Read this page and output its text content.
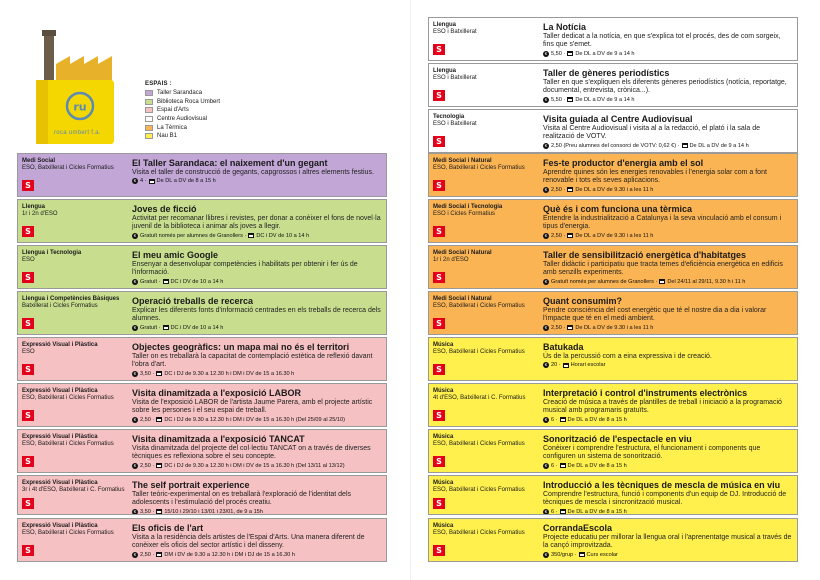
ru
roca umbert f.a.
ESPAIS :
Taller Sarandaca
Biblioteca Roca Umbert
Espai d'Arts
Centre Audiovisual
La Tèrmica
Nau B1
Medi Social
ESO, Batxillerat i Cicles Formatius
S
El Taller Sarandaca: el naixement d'un gegant
Visita el taller de construcció de gegants, capgrossos i altres elements festius.
€ 4 · De DL a DV de 8 a 15 h
Llengua
1r i 2n d'ESO
S
Joves de ficció
Activitat per recomanar llibres i revistes, per donar a conèixer el fons de novel·la juvenil de la biblioteca i animar als joves a llegir.
€ Gratuït només per alumnes de Granollers · DC i DV de 10 a 14 h
Llengua i Tecnologia
ESO
S
El meu amic Google
Ensenyar a desenvolupar competències i habilitats per obtenir i fer ús de l'informació.
€ Gratuït · DC i DV de 10 a 14 h
Llengua i Competències Bàsiques
Batxillerat i Cicles Formatius
S
Operació treballs de recerca
Explicar les diferents fonts d'informació centrades en els treballs de recerca dels alumnes.
€ Gratuït · DC i DV de 10 a 14 h
Expressió Visual i Plàstica
ESO
S
Objectes geogràfics: un mapa mai no és el territori
Taller on es treballarà la capacitat de contemplació estètica de reflexió davant l'obra d'art.
€ 3,50 · DC i DJ de 9.30 a 12.30 h i DM i DV de 15 a 16.30 h
Expressió Visual i Plàstica
ESO, Batxillerat i Cicles Formatius
S
Visita dinamitzada a l'exposició LABOR
Visita de l'exposició LABOR de l'artista Jaume Parera, amb el projecte artístic sobre les persones i el seu espai de treball.
€ 2,50 · DC i DJ de 9.30 a 12.30 h i DM i DV de 15 a 16.30 h (Del 25/09 al 25/10)
Expressió Visual i Plàstica
ESO, Batxillerat i Cicles Formatius
S
Visita dinamitzada a l'exposició TANCAT
Visita dinamitzada del projecte del col·lectiu TANCAT on a través de diverses tècniques es reflexiona sobre el seu concepte.
€ 2,50 · DC i DJ de 9.30 a 12.30 h i DM i DV de 15 a 16.30 h (Del 13/11 al 13/12)
Expressió Visual i Plàstica
3r i 4t d'ESO, Batxillerat i C. Formatius
S
The self portrait experience
Taller teòric-experimental on es treballarà l'exploració de l'identitat dels adolescents i l'estimulació del procés creatiu.
€ 3,50 · 15/10 i 29/10 i 13/01 i 23/01, de 9 a 15h
Expressió Visual i Plàstica
ESO, Batxillerat i Cicles Formatius
S
Els oficis de l'art
Visita a la residència dels artistes de l'Espai d'Arts. Una manera diferent de conèixer els oficis del sector artístic i del disseny.
€ 2,50 · DM i DV de 9.30 a 12.30 h i DM i DJ de 15 a 16.30 h
Llengua
ESO i Batxillerat
S
La Notícia
Taller dedicat a la notícia, en que s'explica tot el procés, des de com sorgeix, fins que s'emet.
€ 5,50 · De DL a DV de 9 a 14 h
Llengua
ESO i Batxillerat
S
Taller de gèneres periodístics
Taller en que s'expliquen els diferents gèneres periodístics (notícia, reportatge, documental, entrevista, crònica...).
€ 5,50 · De DL a DV de 9 a 14 h
Tecnologia
ESO i Batxillerat
S
Visita guiada al Centre Audiovisual
Visita al Centre Audiovisual i visita al a la redacció, el plató i la sala de realització de VOTV.
€ 2,50 (Preu alumnes del consorci de VOTV: 0,62 €) · De DL a DV de 9 a 14 h
Medi Social i Natural
ESO, Batxillerat i Cicles Formatius
S
Fes-te productor d'energia amb el sol
Aprendre quines són les energies renovables i l'energia solar com a font renovable i tots els seves aplicacions.
€ 2,50 · De DL a DV de 9.30 i a les 11 h
Medi Social i Tecnologia
ESO i Cicles Formatius
S
Què és i com funciona una tèrmica
Entendre la industrialització a Catalunya i la seva vinculació amb el consum i tipus d'energia.
€ 2,50 · De DL a DV de 9.30 i a les 11 h
Medi Social i Natural
1r i 2n d'ESO
S
Taller de sensibilització energètica d'habitatges
Taller didàctic i participatiu que tracta temes d'eficiència energètica en edificis amb senzills experiments.
€ Gratuït només per alumnes de Granollers · Del 24/11 al 29/11, 9.30 h i 11 h
Medi Social i Natural
ESO, Batxillerat i Cicles Formatius
S
Quant consumim?
Pendre consciència del cost energètic que té el nostre dia a dia i valorar l'impacte que té en el medi ambient.
€ 2,50 · De DL a DV de 9.30 i a les 11 h
Música
ESO, Batxillerat i Cicles Formatius
S
Batukada
Ús de la percussió com a eina expressiva i de creació.
€ 20 · Horari escolar
Música
4t d'ESO, Batxillerat i C. Formatius
S
Interpretació i control d'instruments electrònics
Creació de música a través de plantilles de treball i iniciació a la programació musical amb programaris gratuïts.
€ 6 · De DL a DV de 8 a 15 h
Música
ESO, Batxillerat i Cicles Formatius
S
Sonorització de l'espectacle en viu
Conèixer i comprendre l'estructura, el funcionament i components que configuren un sistema de sonorització.
€ 6 · De DL a DV de 8 a 15 h
Música
ESO, Batxillerat i Cicles Formatius
S
Introducció a les tècniques de mescla de música en viu
Comprendre l'estructura, funció i components d'un equip de DJ. Introducció de tècniques de mescla i sincronització musical.
€ 6 · De DL a DV de 8 a 15 h
Música
ESO, Batxillerat i Cicles Formatius
S
CorrandaEscola
Projecte educatiu per millorar la llengua oral i l'aprenentatge musical a través de la cançó improvitzada.
€ 350/grup · Curs escolar
